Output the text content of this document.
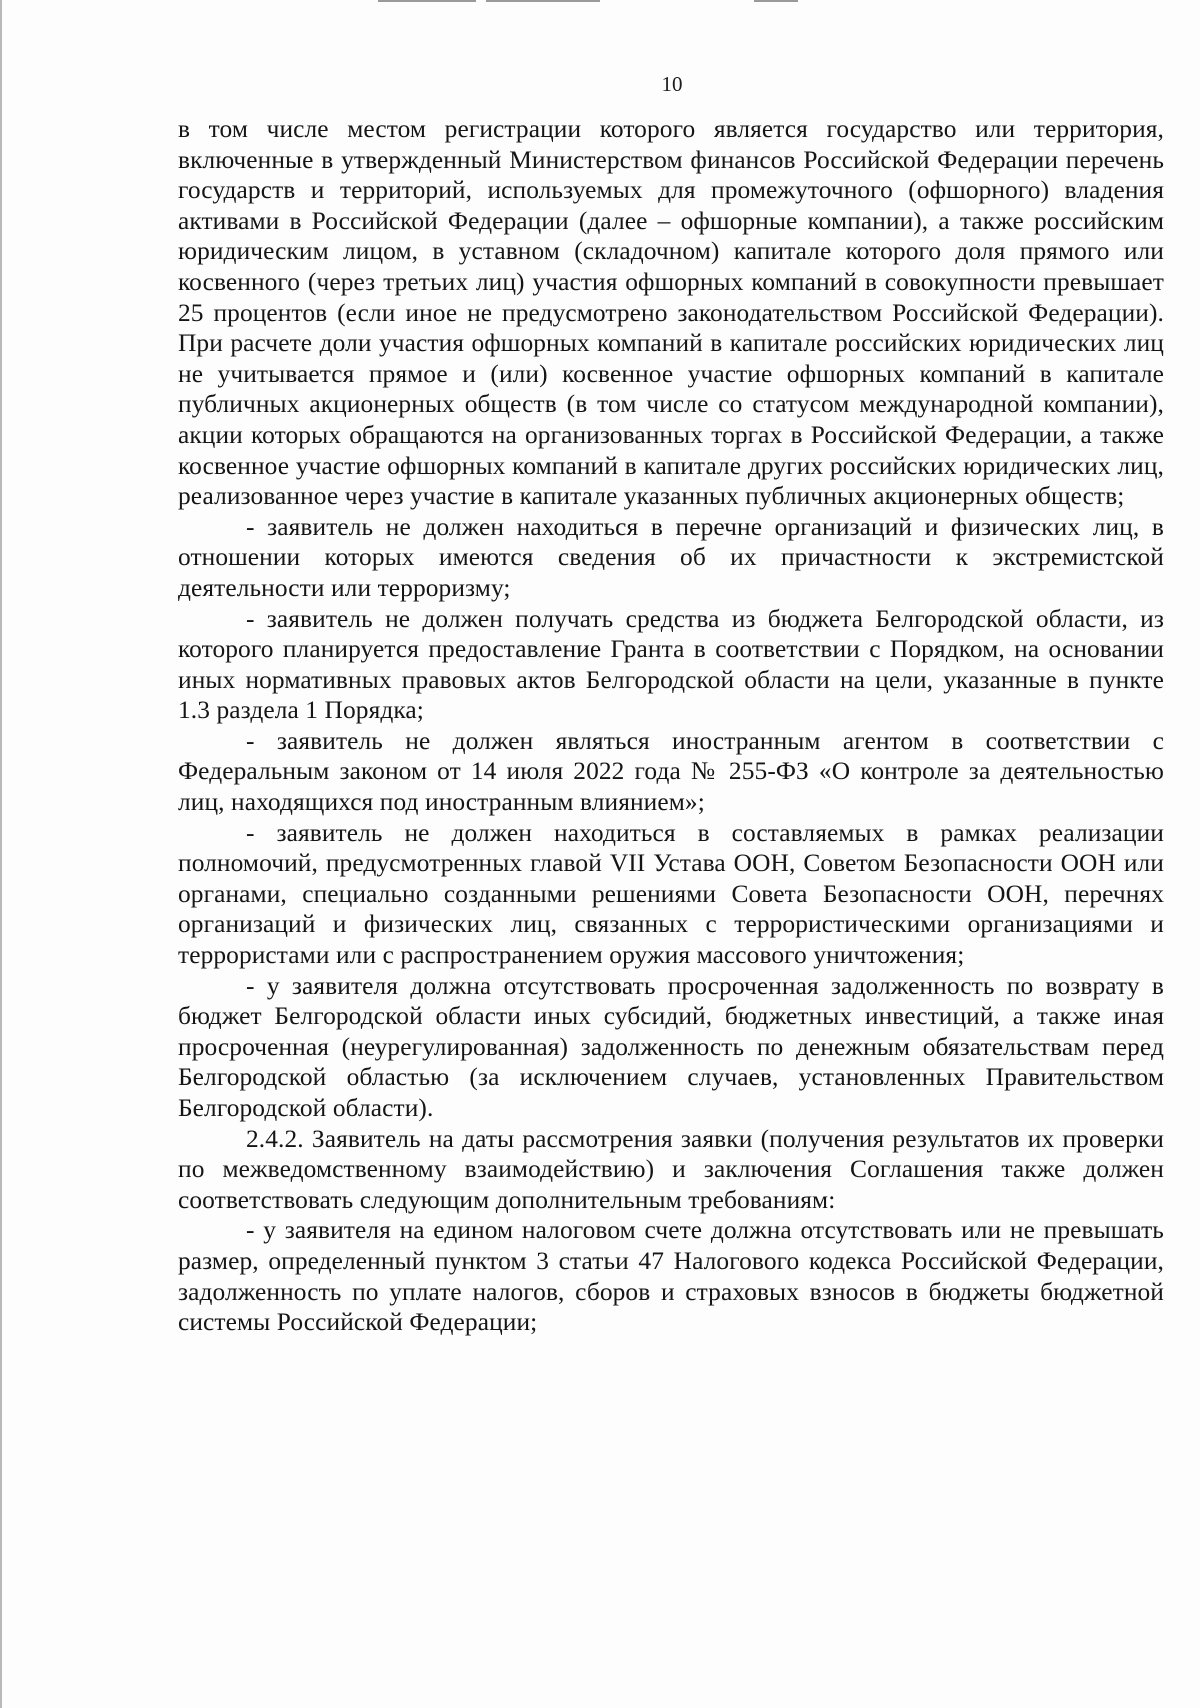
10

в том числе местом регистрации которого является государство или территория, включенные в утвержденный Министерством финансов Российской Федерации перечень государств и территорий, используемых для промежуточного (офшорного) владения активами в Российской Федерации (далее – офшорные компании), а также российским юридическим лицом, в уставном (складочном) капитале которого доля прямого или косвенного (через третьих лиц) участия офшорных компаний в совокупности превышает 25 процентов (если иное не предусмотрено законодательством Российской Федерации). При расчете доли участия офшорных компаний в капитале российских юридических лиц не учитывается прямое и (или) косвенное участие офшорных компаний в капитале публичных акционерных обществ (в том числе со статусом международной компании), акции которых обращаются на организованных торгах в Российской Федерации, а также косвенное участие офшорных компаний в капитале других российских юридических лиц, реализованное через участие в капитале указанных публичных акционерных обществ;

- заявитель не должен находиться в перечне организаций и физических лиц, в отношении которых имеются сведения об их причастности к экстремистской деятельности или терроризму;

- заявитель не должен получать средства из бюджета Белгородской области, из которого планируется предоставление Гранта в соответствии с Порядком, на основании иных нормативных правовых актов Белгородской области на цели, указанные в пункте 1.3 раздела 1 Порядка;

- заявитель не должен являться иностранным агентом в соответствии с Федеральным законом от 14 июля 2022 года № 255-ФЗ «О контроле за деятельностью лиц, находящихся под иностранным влиянием»;

- заявитель не должен находиться в составляемых в рамках реализации полномочий, предусмотренных главой VII Устава ООН, Советом Безопасности ООН или органами, специально созданными решениями Совета Безопасности ООН, перечнях организаций и физических лиц, связанных с террористическими организациями и террористами или с распространением оружия массового уничтожения;

- у заявителя должна отсутствовать просроченная задолженность по возврату в бюджет Белгородской области иных субсидий, бюджетных инвестиций, а также иная просроченная (неурегулированная) задолженность по денежным обязательствам перед Белгородской областью (за исключением случаев, установленных Правительством Белгородской области).

2.4.2. Заявитель на даты рассмотрения заявки (получения результатов их проверки по межведомственному взаимодействию) и заключения Соглашения также должен соответствовать следующим дополнительным требованиям:

- у заявителя на едином налоговом счете должна отсутствовать или не превышать размер, определенный пунктом 3 статьи 47 Налогового кодекса Российской Федерации, задолженность по уплате налогов, сборов и страховых взносов в бюджеты бюджетной системы Российской Федерации;
